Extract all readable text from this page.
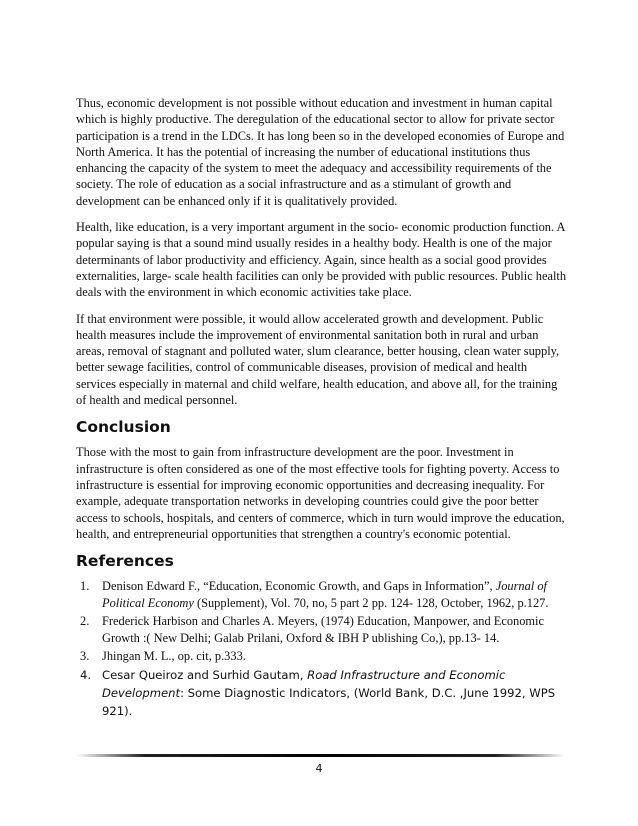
Thus, economic development is not possible without education and investment in human capital which is highly productive. The deregulation of the educational sector to allow for private sector participation is a trend in the LDCs. It has long been so in the developed economies of Europe and North America. It has the potential of increasing the number of educational institutions thus enhancing the capacity of the system to meet the adequacy and accessibility requirements of the society. The role of education as a social infrastructure and as a stimulant of growth and development can be enhanced only if it is qualitatively provided.

Health, like education, is a very important argument in the socio- economic production function. A popular saying is that a sound mind usually resides in a healthy body. Health is one of the major determinants of labor productivity and efficiency. Again, since health as a social good provides externalities, large- scale health facilities can only be provided with public resources. Public health deals with the environment in which economic activities take place.

If that environment were possible, it would allow accelerated growth and development. Public health measures include the improvement of environmental sanitation both in rural and urban areas, removal of stagnant and polluted water, slum clearance, better housing, clean water supply, better sewage facilities, control of communicable diseases, provision of medical and health services especially in maternal and child welfare, health education, and above all, for the training of health and medical personnel.

Conclusion

Those with the most to gain from infrastructure development are the poor. Investment in infrastructure is often considered as one of the most effective tools for fighting poverty. Access to infrastructure is essential for improving economic opportunities and decreasing inequality. For example, adequate transportation networks in developing countries could give the poor better access to schools, hospitals, and centers of commerce, which in turn would improve the education, health, and entrepreneurial opportunities that strengthen a country's economic potential.

References
1. Denison Edward F., “Education, Economic Growth, and Gaps in Information”, Journal of Political Economy (Supplement), Vol. 70, no, 5 part 2 pp. 124- 128, October, 1962, p.127.
2. Frederick Harbison and Charles A. Meyers, (1974) Education, Manpower, and Economic Growth :( New Delhi; Galab Prilani, Oxford & IBH P ublishing Co,), pp.13- 14.
3. Jhingan M. L., op. cit, p.333.
4. Cesar Queiroz and Surhid Gautam, Road Infrastructure and Economic Development: Some Diagnostic Indicators, (World Bank, D.C. ,June 1992, WPS 921).
4
